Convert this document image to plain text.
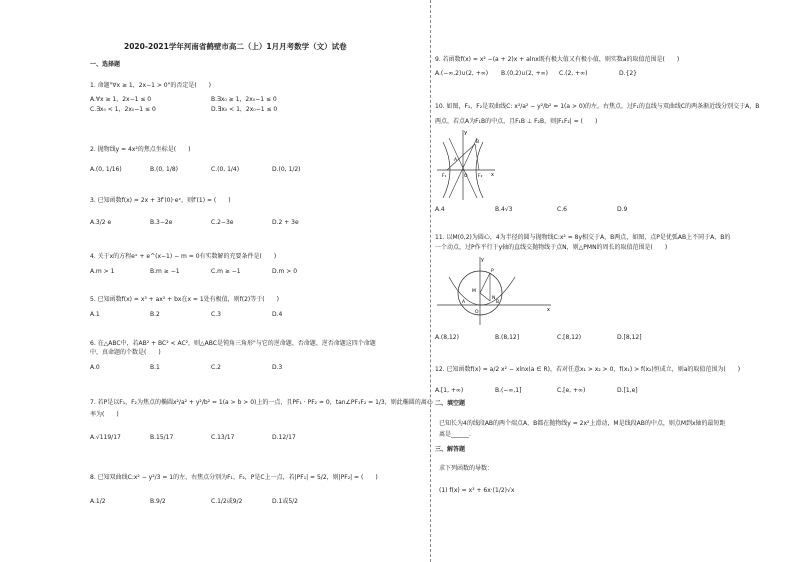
2020-2021学年河南省鹤壁市高二（上）1月月考数学（文）试卷
一、选择题
1. 命题"∀x ≥ 1，2x−1 > 0"的否定是(　　)
A.∀x ≥ 1，2x−1 ≤ 0	B.∃x₀ ≥ 1，2x₀−1 ≤ 0
C.∃x₀ < 1，2x₀−1 ≤ 0	D.∃x₀ < 1，2x₀−1 ≤ 0
2. 抛物线y = 4x²的焦点坐标是(　　)
A.(0, 1/16)	B.(0, 1/8)	C.(0, 1/4)	D.(0, 1/2)
3. 已知函数f(x) = 2x + 3f′(0)·eˣ，则f′(1) = (　　)
A.3/2 e	B.3−2e	C.2−3e	D.2 + 3e
4. 关于x的方程eˣ + e^(x−1) − m = 0有实数解的充要条件是(　　)
A.m > 1	B.m ≥ −1	C.m ≥ −1	D.m > 0
5. 已知函数f(x) = x³ + ax² + bx在x = 1处有极值，则f(2)等于(　　)
A.1	B.2	C.3	D.4
6. 在△ABC中，若AB² + BC² < AC²，则△ABC是钝角三角形"与它的逆命题、否命题、逆否命题这四个命题
中，真命题的个数是(　　)
A.0	B.1	C.2	D.3
7. 若P是以F₁，F₂为焦点的椭圆x²/a² + y²/b² = 1(a > b > 0)上的一点，且PF₁ · PF₂ = 0，tan∠PF₁F₂ = 1/3，则此椭圆的离心
率为(　　)
A.√119/17	B.15/17	C.13/17	D.12/17
8. 已知双曲线C:x² − y²/3 = 1的左、右焦点分别为F₁，F₂，P是C上一点，若|PF₁| = 5/2，则|PF₂| = (　　)
A.1/2	B.9/2	C.1/2或9/2	D.1或5/2
9. 若函数f(x) = x² −(a + 2)x + alnx既有极大值又有极小值，则实数a的取值范围是(　　)
A.(−∞,2)∪(2, +∞) B.(0,2)∪(2, +∞) C.(2, +∞)	D.{2}
10. 如图，F₁，F₂是双曲线C: x²/a² − y²/b² = 1(a > 0)的左，右焦点，过F₁的直线与双曲线C的两条渐近线分别交于A，B
两点，若点A为F₁B的中点，且F₁B ⊥ F₂B，则|F₁F₂| = (　　)
y
x
O
F₁	F₂
A
B
A.4	B.4√3	C.6	D.9
11. 以M(0,2)为圆心，4为半径的圆与抛物线C:x² = 8y相交于A，B两点，如图，点P是优弧AB上不同于A，B的
一个动点，过P作平行于y轴的直线交抛物线于点N，则△PMN的周长的取值范围是(　　)
y
x
O
M
A	B
P
N
A.(8,12)	B.(8,12]	C.[8,12)	D.[8,12]
12. 已知函数f(x) = a/2 x² − xlnx(a ∈ R)，若对任意x₁ > x₂ > 0，f(x₁) > f(x₂)恒成立，则a的取值范围为(　　)
A.[1, +∞)	B.(−∞,1]	C.[e, +∞)	D.[1,e]
二、填空题
已知长为4的线段AB的两个端点A，B都在抛物线y = 2x²上滑动，M是线段AB的中点，则点M到x轴的最短距
离是______.
三、解答题
求下列函数的导数：
(1) f(x) = x³ + 6x·(1/2)√x
